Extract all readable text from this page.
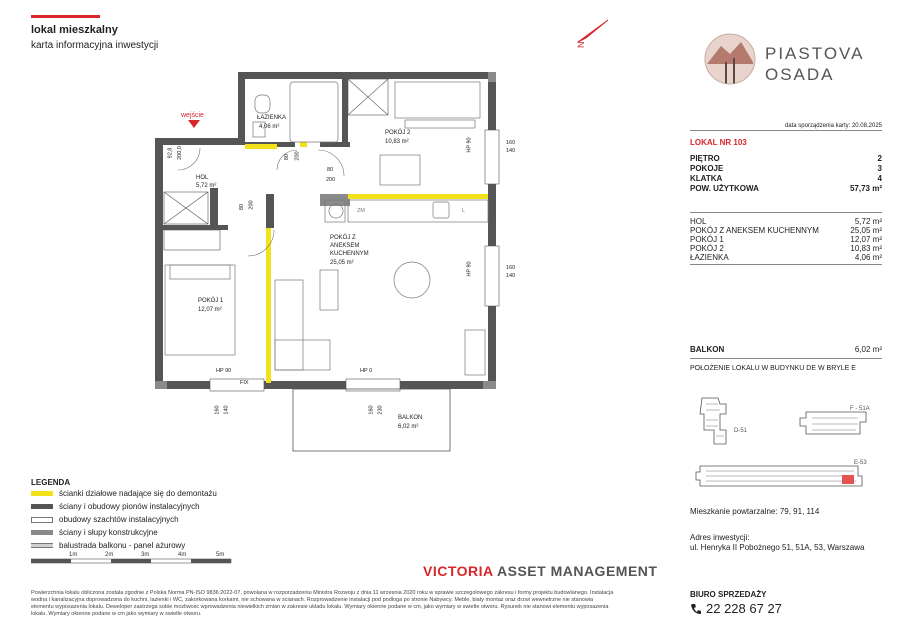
lokal mieszkalny
karta informacyjna inwestycji	N	PIASTOVA
OSADA
data sporządzenia karty: 20.08.2025
LOKAL NR 103
PIĘTRO	2
POKOJE	3
KLATKA	4
POW. UŻYTKOWA	57,73 m²
HOL	5,72 m²
POKÓJ Z ANEKSEM KUCHENNYM	25,05 m²
POKÓJ 1	12,07 m²
POKÓJ 2	10,83 m²
ŁAZIENKA	4,06 m²
BALKON	6,02 m²
POŁOŻENIE LOKALU W BUDYNKU DE W BRYLE E
D-51
F - 51A
E-53
Mieszkanie powtarzalne: 79, 91, 114
Adres inwestycji:
ul. Henryka II Pobożnego 51, 51A, 53, Warszawa
BIURO SPRZEDAŻY
22 228 67 27
VICTORIA ASSET MANAGEMENT
LEGENDA
ścianki działowe nadające się do demontażu
ściany i obudowy pionów instalacyjnych
obudowy szachtów instalacyjnych
ściany i słupy konstrukcyjne
balustrada balkonu - panel ażurowy
1m	2m	3m	4m	5m
wejście
HOL
5,72 m²
ŁAZIENKA
4,06 m²
POKÓJ 2
10,83 m²
POKÓJ Z
ANEKSEM
KUCHENNYM
25,05 m²
POKÓJ 1
12,07 m²
BALKON
6,02 m²
92,8 200,0	80 200
80
200
80 200
160
140
160
140
160 140	160 230
HP 90
HP 90
HP 90	HP 0
FIX
ZM	L
Powierzchnia lokalu obliczona zostala zgodnie z Polska Norma PN-ISO 9836:2022-07, powolana w rozporzadzeniu Ministra Rozwoju z dnia 11 wrzesnia 2020 roku w sprawie szczegolowego zakresu i formy projektu budowlanego. Instalacja wodna i kanalizacyjna doprowadzona do kuchni, lazienki i WC, zakorkowana korkami, nie schowana w scianach. Rozprowadzenie instalacji pod podloga po stronie Nabywcy. Meble, biaty montaz oraz drzwi wewnetrzne nie stanowia elementu wyposazenia lokalu. Deweloper zastrzega sobie mozliwosc wprowadzenia niewielkich zmian w zakresie ukladu lokalu. Wymiary okienne podane w cm, jako wymiary w swietle otworu. Rysunek nie stanowi elementu wyposazenia lokalu. Wymiary okienne podane w cm jako wymiary w swietle otworu.
